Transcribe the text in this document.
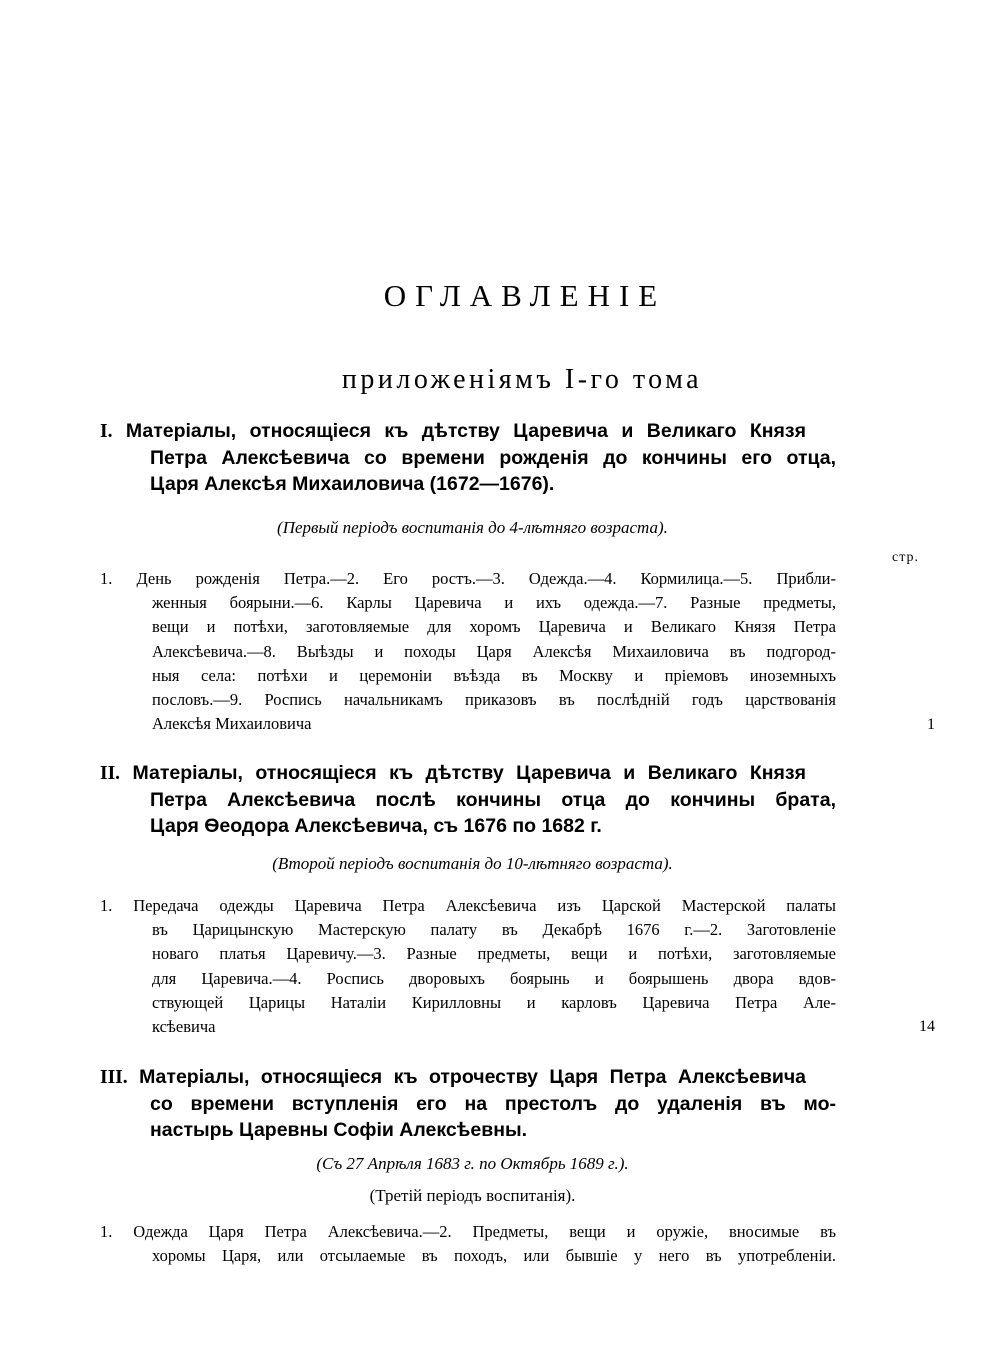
ОГЛАВЛЕНIЕ
приложенiямъ I-го тома
I. Матерiалы, относящiеся къ дѣтству Царевича и Великаго Князя
Петра Алексѣевича со времени рожденiя до кончины его отца,
Царя Алексѣя Михаиловича (1672—1676).
(Первый перiодъ воспитанiя до 4-лѣтняго возраста).
стр.
1. День рожденiя Петра.—2. Его ростъ.—3. Одежда.—4. Кормилица.—5. Прибли-
женныя боярыни.—6. Карлы Царевича и ихъ одежда.—7. Разные предметы,
вещи и потѣхи, заготовляемые для хоромъ Царевича и Великаго Князя Петра
Алексѣевича.—8. Выѣзды и походы Царя Алексѣя Михаиловича въ подгород-
ныя села: потѣхи и церемонiи въѣзда въ Москву и прiемовъ иноземныхъ
пословъ.—9. Роспись начальникамъ приказовъ въ послѣднiй годъ царствованiя
Алексѣя Михаиловича	1
II. Матерiалы, относящiеся къ дѣтству Царевича и Великаго Князя
Петра Алексѣевича послѣ кончины отца до кончины брата,
Царя Ѳеодора Алексѣевича, съ 1676 по 1682 г.
(Второй перiодъ воспитанiя до 10-лѣтняго возраста).
1. Передача одежды Царевича Петра Алексѣевича изъ Царской Мастерской палаты
въ Царицынскую Мастерскую палату въ Декабрѣ 1676 г.—2. Заготовленiе
новаго платья Царевичу.—3. Разные предметы, вещи и потѣхи, заготовляемые
для Царевича.—4. Роспись дворовыхъ боярынь и боярышень двора вдов-
ствующей Царицы Наталiи Кирилловны и карловъ Царевича Петра Але-
ксѣевича	14
III. Матерiалы, относящiеся къ отрочеству Царя Петра Алексѣевича
со времени вступленiя его на престолъ до удаленiя въ мо-
настырь Царевны Софiи Алексѣевны.
(Съ 27 Апрѣля 1683 г. по Октябрь 1689 г.).
(Третiй перiодъ воспитанiя).
1. Одежда Царя Петра Алексѣевича.—2. Предметы, вещи и оружiе, вносимые въ
хоромы Царя, или отсылаемые въ походъ, или бывшiе у него въ употребленiи.
